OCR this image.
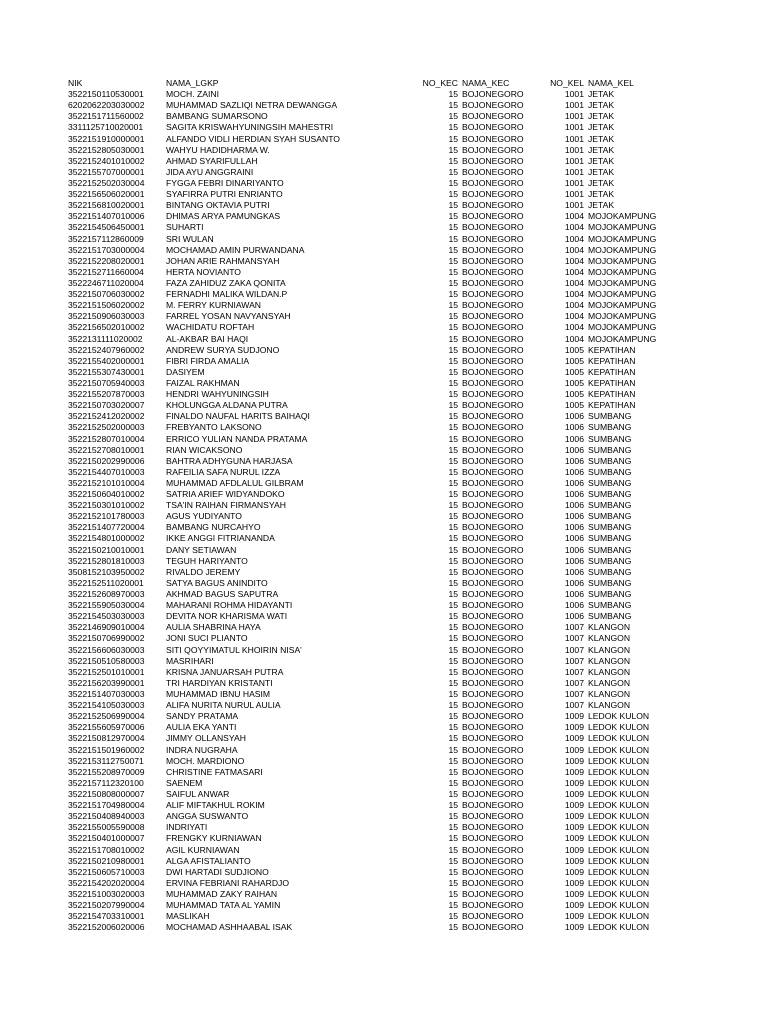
NIK	NAMA_LGKP	NO_KEC NAMA_KEC	NO_KEL NAMA_KEL
3522150110530001	MOCH. ZAINI	15 BOJONEGORO	1001 JETAK
6202062203030002	MUHAMMAD SAZLIQI NETRA DEWANGGA	15 BOJONEGORO	1001 JETAK
3522151711560002	BAMBANG SUMARSONO	15 BOJONEGORO	1001 JETAK
3311125710020001	SAGITA KRISWAHYUNINGSIH MAHESTRI	15 BOJONEGORO	1001 JETAK
3522151910000001	ALFANDO VIDLI HERDIAN SYAH SUSANTO	15 BOJONEGORO	1001 JETAK
3522152805030001	WAHYU HADIDHARMA W.	15 BOJONEGORO	1001 JETAK
3522152401010002	AHMAD SYARIFULLAH	15 BOJONEGORO	1001 JETAK
3522155707000001	JIDA AYU ANGGRAINI	15 BOJONEGORO	1001 JETAK
3522152502030004	FYGGA FEBRI DINARIYANTO	15 BOJONEGORO	1001 JETAK
3522156506020001	SYAFIRRA PUTRI ENRIANTO	15 BOJONEGORO	1001 JETAK
3522156810020001	BINTANG OKTAVIA PUTRI	15 BOJONEGORO	1001 JETAK
3522151407010006	DHIMAS ARYA PAMUNGKAS	15 BOJONEGORO	1004 MOJOKAMPUNG
3522154506450001	SUHARTI	15 BOJONEGORO	1004 MOJOKAMPUNG
3522157112860009	SRI WULAN	15 BOJONEGORO	1004 MOJOKAMPUNG
3522151703000004	MOCHAMAD AMIN PURWANDANA	15 BOJONEGORO	1004 MOJOKAMPUNG
3522152208020001	JOHAN ARIE RAHMANSYAH	15 BOJONEGORO	1004 MOJOKAMPUNG
3522152711660004	HERTA NOVIANTO	15 BOJONEGORO	1004 MOJOKAMPUNG
3522246711020004	FAZA ZAHIDUZ ZAKA QONITA	15 BOJONEGORO	1004 MOJOKAMPUNG
3522150706030002	FERNADHI MALIKA WILDAN.P	15 BOJONEGORO	1004 MOJOKAMPUNG
3522151506020002	M. FERRY KURNIAWAN	15 BOJONEGORO	1004 MOJOKAMPUNG
3522150906030003	FARREL YOSAN NAVYANSYAH	15 BOJONEGORO	1004 MOJOKAMPUNG
3522156502010002	WACHIDATU ROFTAH	15 BOJONEGORO	1004 MOJOKAMPUNG
3522131111020002	AL-AKBAR BAI HAQI	15 BOJONEGORO	1004 MOJOKAMPUNG
3522152407960002	ANDREW SURYA SUDJONO	15 BOJONEGORO	1005 KEPATIHAN
3522155402000001	FIBRI FIRDA AMALIA	15 BOJONEGORO	1005 KEPATIHAN
3522155307430001	DASIYEM	15 BOJONEGORO	1005 KEPATIHAN
3522150705940003	FAIZAL RAKHMAN	15 BOJONEGORO	1005 KEPATIHAN
3522155207870003	HENDRI WAHYUNINGSIH	15 BOJONEGORO	1005 KEPATIHAN
3522150703020007	KHOLUNGGA ALDANA PUTRA	15 BOJONEGORO	1005 KEPATIHAN
3522152412020002	FINALDO NAUFAL HARITS BAIHAQI	15 BOJONEGORO	1006 SUMBANG
3522152502000003	FREBYANTO LAKSONO	15 BOJONEGORO	1006 SUMBANG
3522152807010004	ERRICO YULIAN NANDA PRATAMA	15 BOJONEGORO	1006 SUMBANG
3522152708010001	RIAN WICAKSONO	15 BOJONEGORO	1006 SUMBANG
3522150202990006	BAHTRA ADHYGUNA HARJASA	15 BOJONEGORO	1006 SUMBANG
3522154407010003	RAFEILIA SAFA NURUL IZZA	15 BOJONEGORO	1006 SUMBANG
3522152101010004	MUHAMMAD AFDLALUL GILBRAM	15 BOJONEGORO	1006 SUMBANG
3522150604010002	SATRIA ARIEF WIDYANDOKO	15 BOJONEGORO	1006 SUMBANG
3522150301010002	TSA'IN RAIHAN FIRMANSYAH	15 BOJONEGORO	1006 SUMBANG
3522152101780003	AGUS YUDIYANTO	15 BOJONEGORO	1006 SUMBANG
3522151407720004	BAMBANG NURCAHYO	15 BOJONEGORO	1006 SUMBANG
3522154801000002	IKKE ANGGI FITRIANANDA	15 BOJONEGORO	1006 SUMBANG
3522150210010001	DANY SETIAWAN	15 BOJONEGORO	1006 SUMBANG
3522152801810003	TEGUH HARIYANTO	15 BOJONEGORO	1006 SUMBANG
3508152103950002	RIVALDO JEREMY	15 BOJONEGORO	1006 SUMBANG
3522152511020001	SATYA BAGUS ANINDITO	15 BOJONEGORO	1006 SUMBANG
3522152608970003	AKHMAD BAGUS SAPUTRA	15 BOJONEGORO	1006 SUMBANG
3522155905030004	MAHARANI ROHMA HIDAYANTI	15 BOJONEGORO	1006 SUMBANG
3522154503030003	DEVITA NOR KHARISMA WATI	15 BOJONEGORO	1006 SUMBANG
3522146909010004	AULIA SHABRINA HAYA	15 BOJONEGORO	1007 KLANGON
3522150706990002	JONI SUCI PLIANTO	15 BOJONEGORO	1007 KLANGON
3522156606030003	SITI QOYYIMATUL KHOIRIN NISA'	15 BOJONEGORO	1007 KLANGON
3522150510580003	MASRIHARI	15 BOJONEGORO	1007 KLANGON
3522152501010001	KRISNA JANUARSAH PUTRA	15 BOJONEGORO	1007 KLANGON
3522156203990001	TRI HARDIYAN KRISTANTI	15 BOJONEGORO	1007 KLANGON
3522151407030003	MUHAMMAD IBNU HASIM	15 BOJONEGORO	1007 KLANGON
3522154105030003	ALIFA NURITA NURUL AULIA	15 BOJONEGORO	1007 KLANGON
3522152506990004	SANDY PRATAMA	15 BOJONEGORO	1009 LEDOK KULON
3522155605970006	AULIA EKA YANTI	15 BOJONEGORO	1009 LEDOK KULON
3522150812970004	JIMMY OLLANSYAH	15 BOJONEGORO	1009 LEDOK KULON
3522151501960002	INDRA NUGRAHA	15 BOJONEGORO	1009 LEDOK KULON
3522153112750071	MOCH. MARDIONO	15 BOJONEGORO	1009 LEDOK KULON
3522155208970009	CHRISTINE FATMASARI	15 BOJONEGORO	1009 LEDOK KULON
3522157112320100	SAENEM	15 BOJONEGORO	1009 LEDOK KULON
3522150808000007	SAIFUL ANWAR	15 BOJONEGORO	1009 LEDOK KULON
3522151704980004	ALIF MIFTAKHUL ROKIM	15 BOJONEGORO	1009 LEDOK KULON
3522150408940003	ANGGA SUSWANTO	15 BOJONEGORO	1009 LEDOK KULON
3522155005590008	INDRIYATI	15 BOJONEGORO	1009 LEDOK KULON
3522150401000007	FRENGKY KURNIAWAN	15 BOJONEGORO	1009 LEDOK KULON
3522151708010002	AGIL KURNIAWAN	15 BOJONEGORO	1009 LEDOK KULON
3522150210980001	ALGA AFISTALIANTO	15 BOJONEGORO	1009 LEDOK KULON
3522150605710003	DWI HARTADI SUDJIONO	15 BOJONEGORO	1009 LEDOK KULON
3522154202020004	ERVINA FEBRIANI RAHARDJO	15 BOJONEGORO	1009 LEDOK KULON
3522151003020003	MUHAMMAD ZAKY RAIHAN	15 BOJONEGORO	1009 LEDOK KULON
3522150207990004	MUHAMMAD TATA AL YAMIN	15 BOJONEGORO	1009 LEDOK KULON
3522154703310001	MASLIKAH	15 BOJONEGORO	1009 LEDOK KULON
3522152006020006	MOCHAMAD ASHHAABAL ISAK	15 BOJONEGORO	1009 LEDOK KULON
